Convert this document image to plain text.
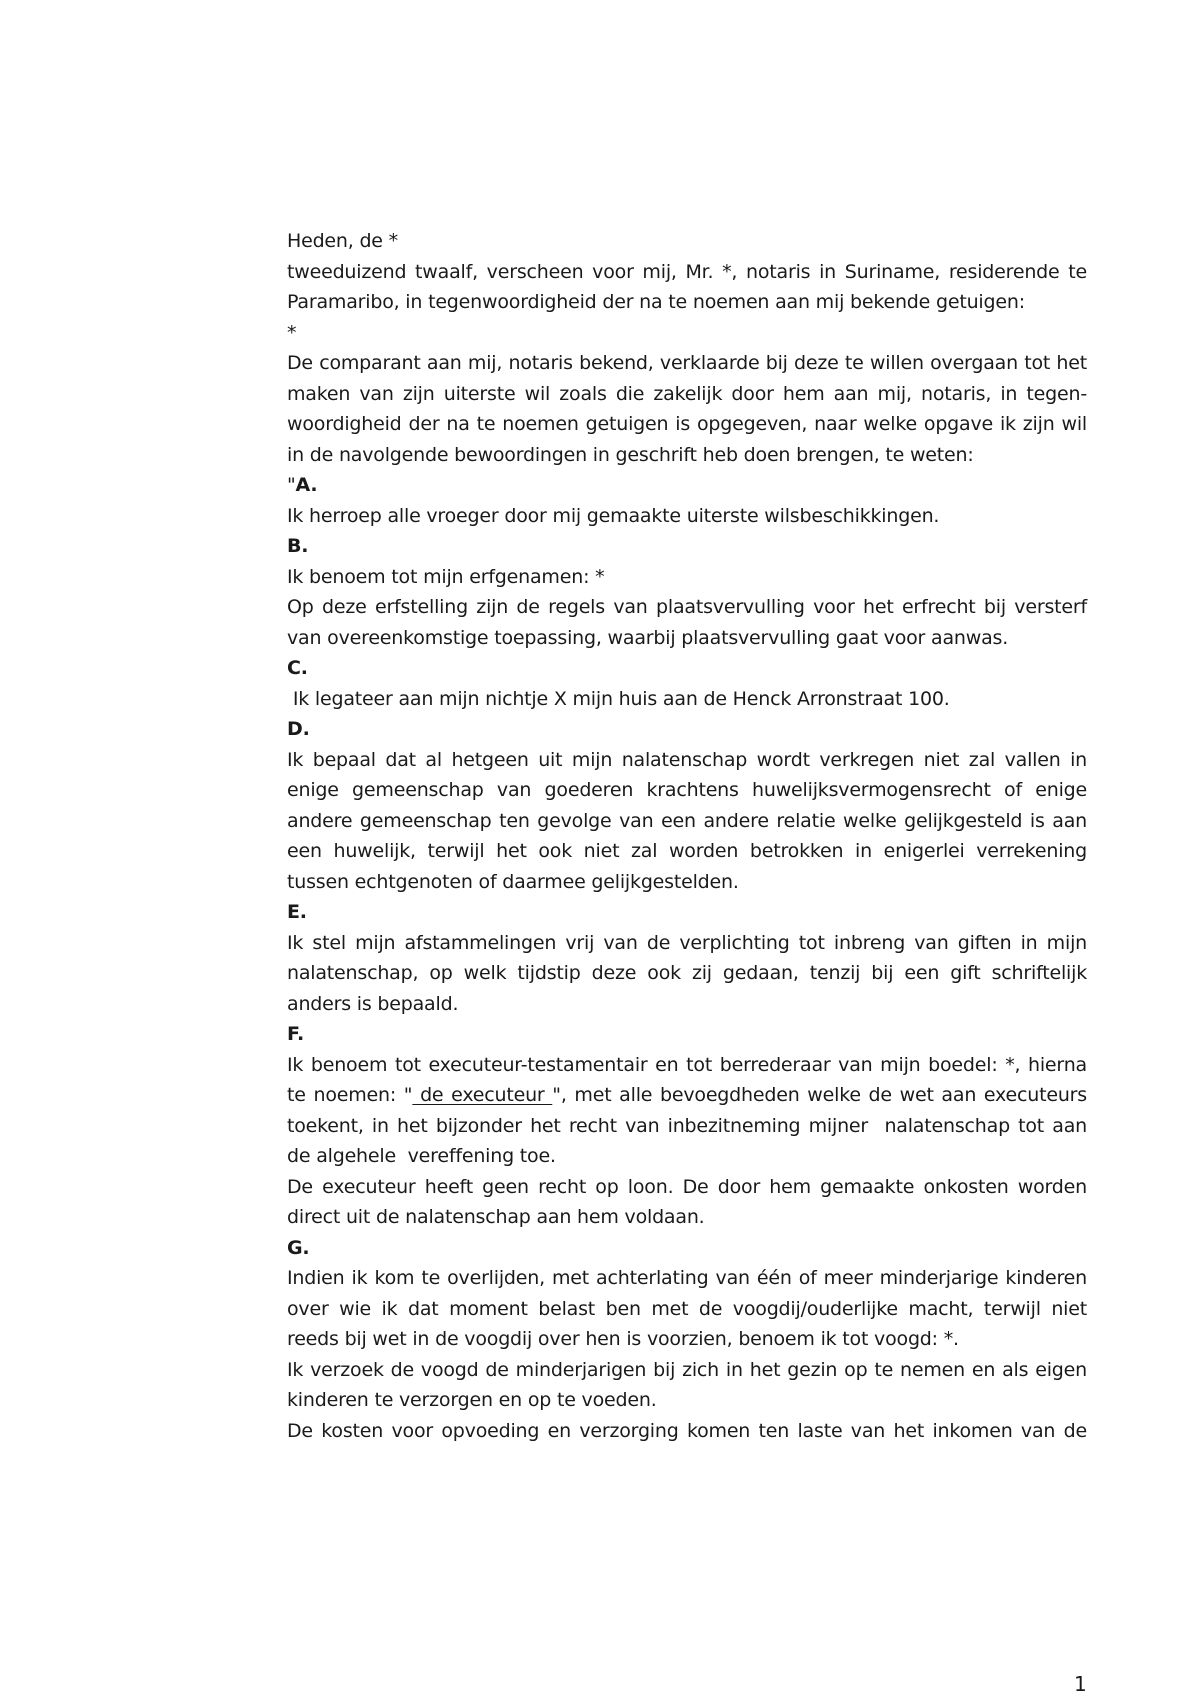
Heden, de *

tweeduizend twaalf, verscheen voor mij, Mr. *, notaris in Suriname, residerende te Paramaribo, in tegenwoordigheid der na te noemen aan mij bekende getuigen:

*

De comparant aan mij, notaris bekend, verklaarde bij deze te willen overgaan tot het maken van zijn uiterste wil zoals die zakelijk door hem aan mij, notaris, in tegen-woordigheid der na te noemen getuigen is opgegeven, naar welke opgave ik zijn wil in de navolgende bewoordingen in geschrift heb doen brengen, te weten:

"A.

Ik herroep alle vroeger door mij gemaakte uiterste wilsbeschikkingen.

B.

Ik benoem tot mijn erfgenamen: *

Op deze erfstelling zijn de regels van plaatsvervulling voor het erfrecht bij versterf van overeenkomstige toepassing, waarbij plaatsvervulling gaat voor aanwas.

C.

Ik legateer aan mijn nichtje X mijn huis aan de Henck Arronstraat 100.

D.

Ik bepaal dat al hetgeen uit mijn nalatenschap wordt verkregen niet zal vallen in enige gemeenschap van goederen krachtens huwelijksvermogensrecht of enige andere gemeenschap ten gevolge van een andere relatie welke gelijkgesteld is aan een huwelijk, terwijl het ook niet zal worden betrokken in enigerlei verrekening tussen echtgenoten of daarmee gelijkgestelden.

E.

Ik stel mijn afstammelingen vrij van de verplichting tot inbreng van giften in mijn nalatenschap, op welk tijdstip deze ook zij gedaan, tenzij bij een gift schriftelijk anders is bepaald.

F.

Ik benoem tot executeur-testamentair en tot berrederaar van mijn boedel: *, hierna te noemen: " de executeur ", met alle bevoegdheden welke de wet aan executeurs toekent, in het bijzonder het recht van inbezitneming mijner  nalatenschap tot aan de algehele  vereffening toe.

De executeur heeft geen recht op loon. De door hem gemaakte onkosten worden direct uit de nalatenschap aan hem voldaan.

G.

Indien ik kom te overlijden, met achterlating van één of meer minderjarige kinderen over wie ik dat moment belast ben met de voogdij/ouderlijke macht, terwijl niet reeds bij wet in de voogdij over hen is voorzien, benoem ik tot voogd: *.

Ik verzoek de voogd de minderjarigen bij zich in het gezin op te nemen en als eigen kinderen te verzorgen en op te voeden.

De kosten voor opvoeding en verzorging komen ten laste van het inkomen van de

1
